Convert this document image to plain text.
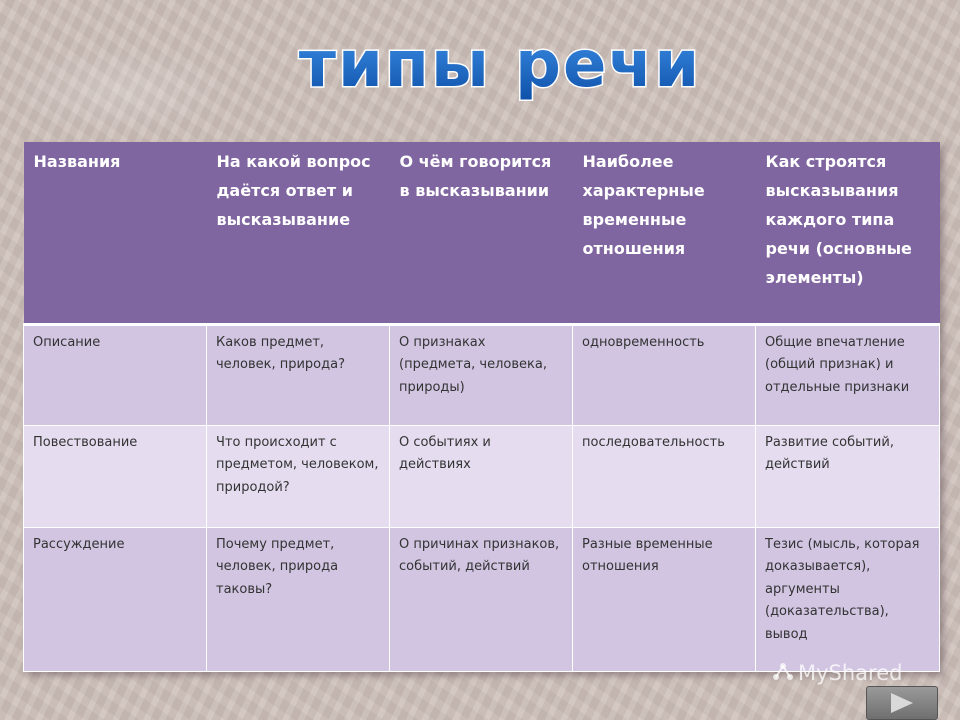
типы речи
Названия	На какой вопрос даётся ответ и высказывание	О чём говорится в высказывании	Наиболее характерные временные отношения	Как строятся высказывания каждого типа речи (основные элементы)
Описание	Каков предмет, человек, природа?	О признаках (предмета, человека, природы)	одновременность	Общие впечатление (общий признак) и отдельные признаки
Повествование	Что происходит с предметом, человеком, природой?	О событиях и действиях	последовательность	Развитие событий, действий
Рассуждение	Почему предмет, человек, природа таковы?	О причинах признаков, событий, действий	Разные временные отношения	Тезис (мысль, которая доказывается), аргументы (доказательства), вывод
MyShared
